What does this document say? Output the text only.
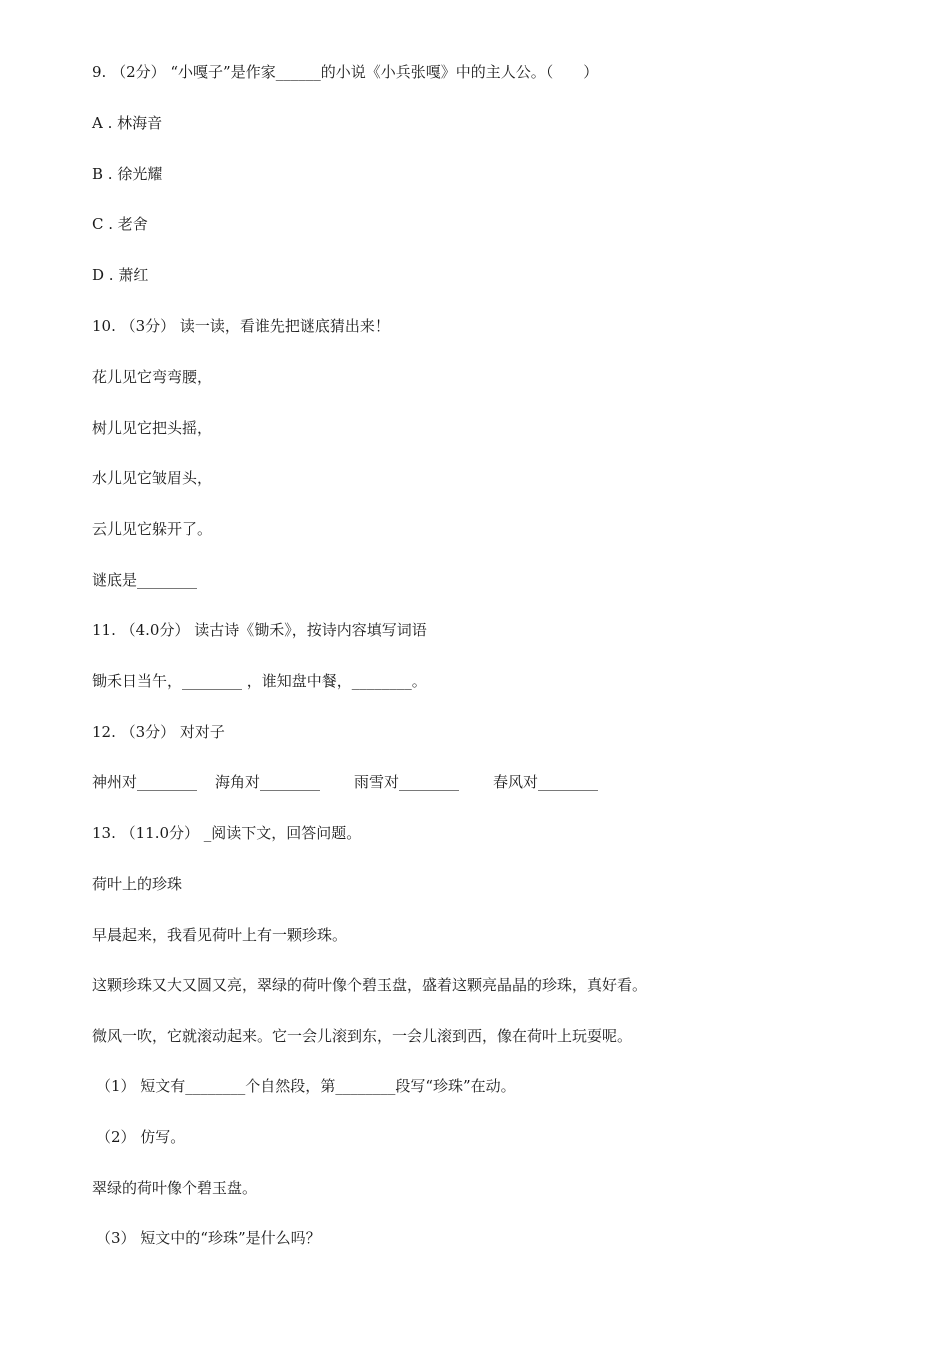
9. （2分） “小嘎子”是作家______的小说《小兵张嘎》中的主人公。（　　）
A . 林海音
B . 徐光耀
C . 老舍
D . 萧红
10. （3分） 读一读，看谁先把谜底猜出来！
花儿见它弯弯腰，
树儿见它把头摇，
水儿见它皱眉头，
云儿见它躲开了。
谜底是________
11. （4.0分） 读古诗《锄禾》，按诗内容填写词语
锄禾日当午，________ ，谁知盘中餐，________。
12. （3分） 对对子
神州对________ 海角对________ 雨雪对________ 春风对________
13. （11.0分） _阅读下文，回答问题。
荷叶上的珍珠
早晨起来，我看见荷叶上有一颗珍珠。
这颗珍珠又大又圆又亮，翠绿的荷叶像个碧玉盘，盛着这颗亮晶晶的珍珠，真好看。
微风一吹，它就滚动起来。它一会儿滚到东，一会儿滚到西，像在荷叶上玩耍呢。
（1） 短文有________个自然段，第________段写“珍珠”在动。
（2） 仿写。
翠绿的荷叶像个碧玉盘。
（3） 短文中的“珍珠”是什么吗？
